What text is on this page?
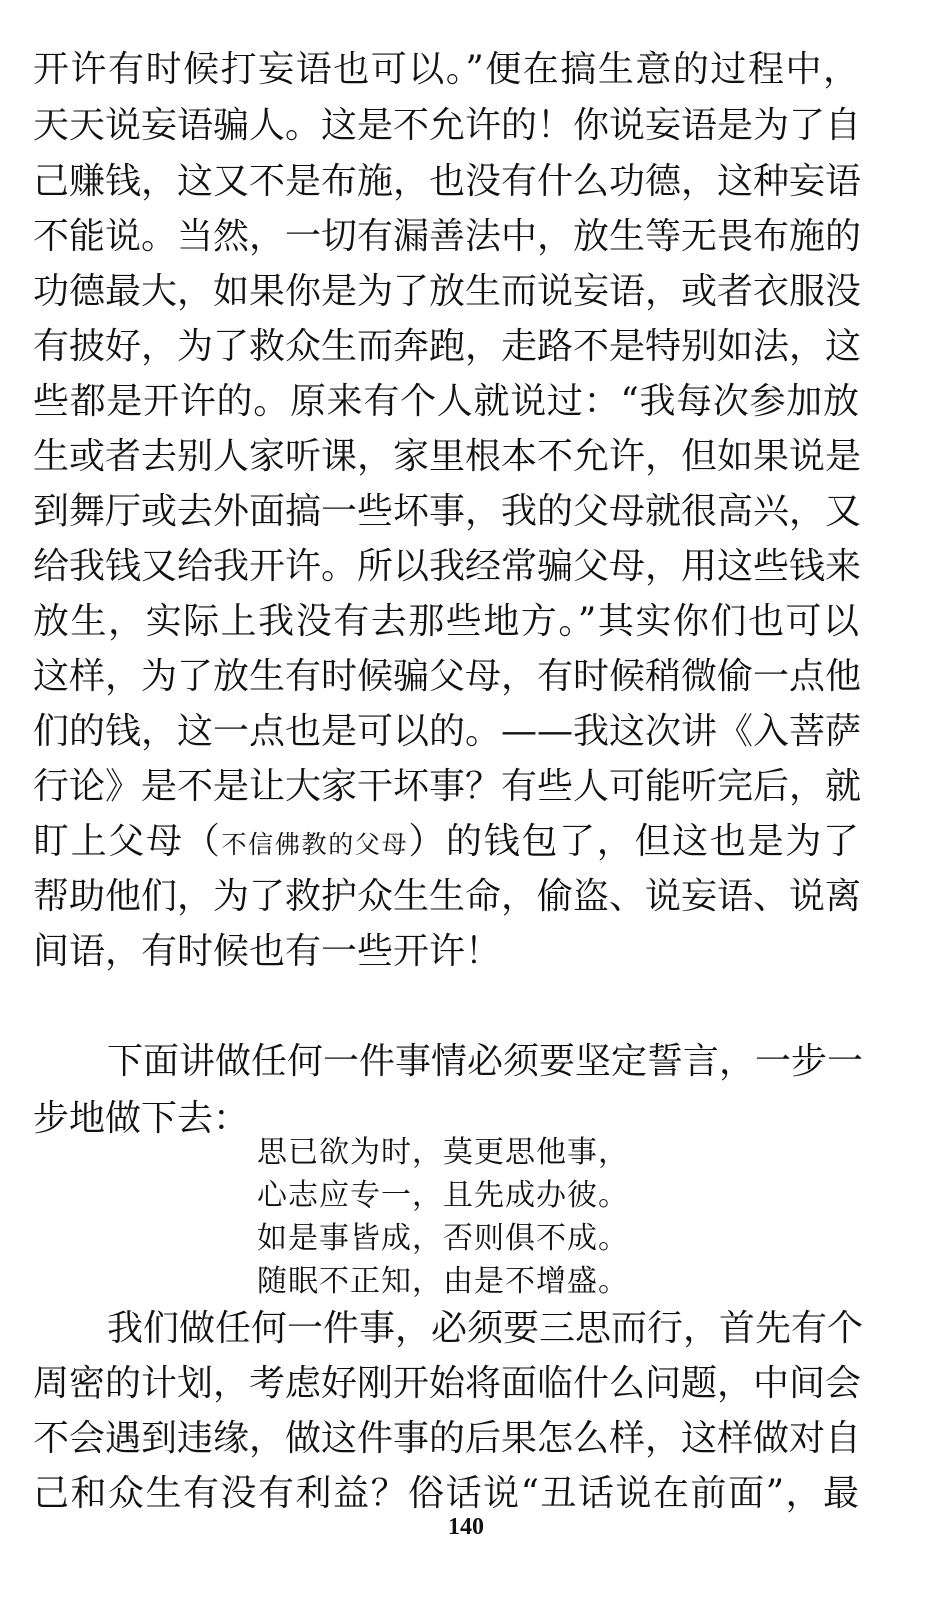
开许有时候打妄语也可以。”便在搞生意的过程中，
天天说妄语骗人。这是不允许的！你说妄语是为了自
己赚钱，这又不是布施，也没有什么功德，这种妄语
不能说。当然，一切有漏善法中，放生等无畏布施的
功德最大，如果你是为了放生而说妄语，或者衣服没
有披好，为了救众生而奔跑，走路不是特别如法，这
些都是开许的。原来有个人就说过：“我每次参加放
生或者去别人家听课，家里根本不允许，但如果说是
到舞厅或去外面搞一些坏事，我的父母就很高兴，又
给我钱又给我开许。所以我经常骗父母，用这些钱来
放生，实际上我没有去那些地方。”其实你们也可以
这样，为了放生有时候骗父母，有时候稍微偷一点他
们的钱，这一点也是可以的。——我这次讲《入菩萨
行论》是不是让大家干坏事？有些人可能听完后，就
盯上父母（不信佛教的父母）的钱包了，但这也是为了
帮助他们，为了救护众生生命，偷盗、说妄语、说离
间语，有时候也有一些开许！
下面讲做任何一件事情必须要坚定誓言，一步一
步地做下去：
思已欲为时，莫更思他事，
心志应专一，且先成办彼。
如是事皆成，否则俱不成。
随眠不正知，由是不增盛。
我们做任何一件事，必须要三思而行，首先有个
周密的计划，考虑好刚开始将面临什么问题，中间会
不会遇到违缘，做这件事的后果怎么样，这样做对自
己和众生有没有利益？俗话说“丑话说在前面”，最
140
